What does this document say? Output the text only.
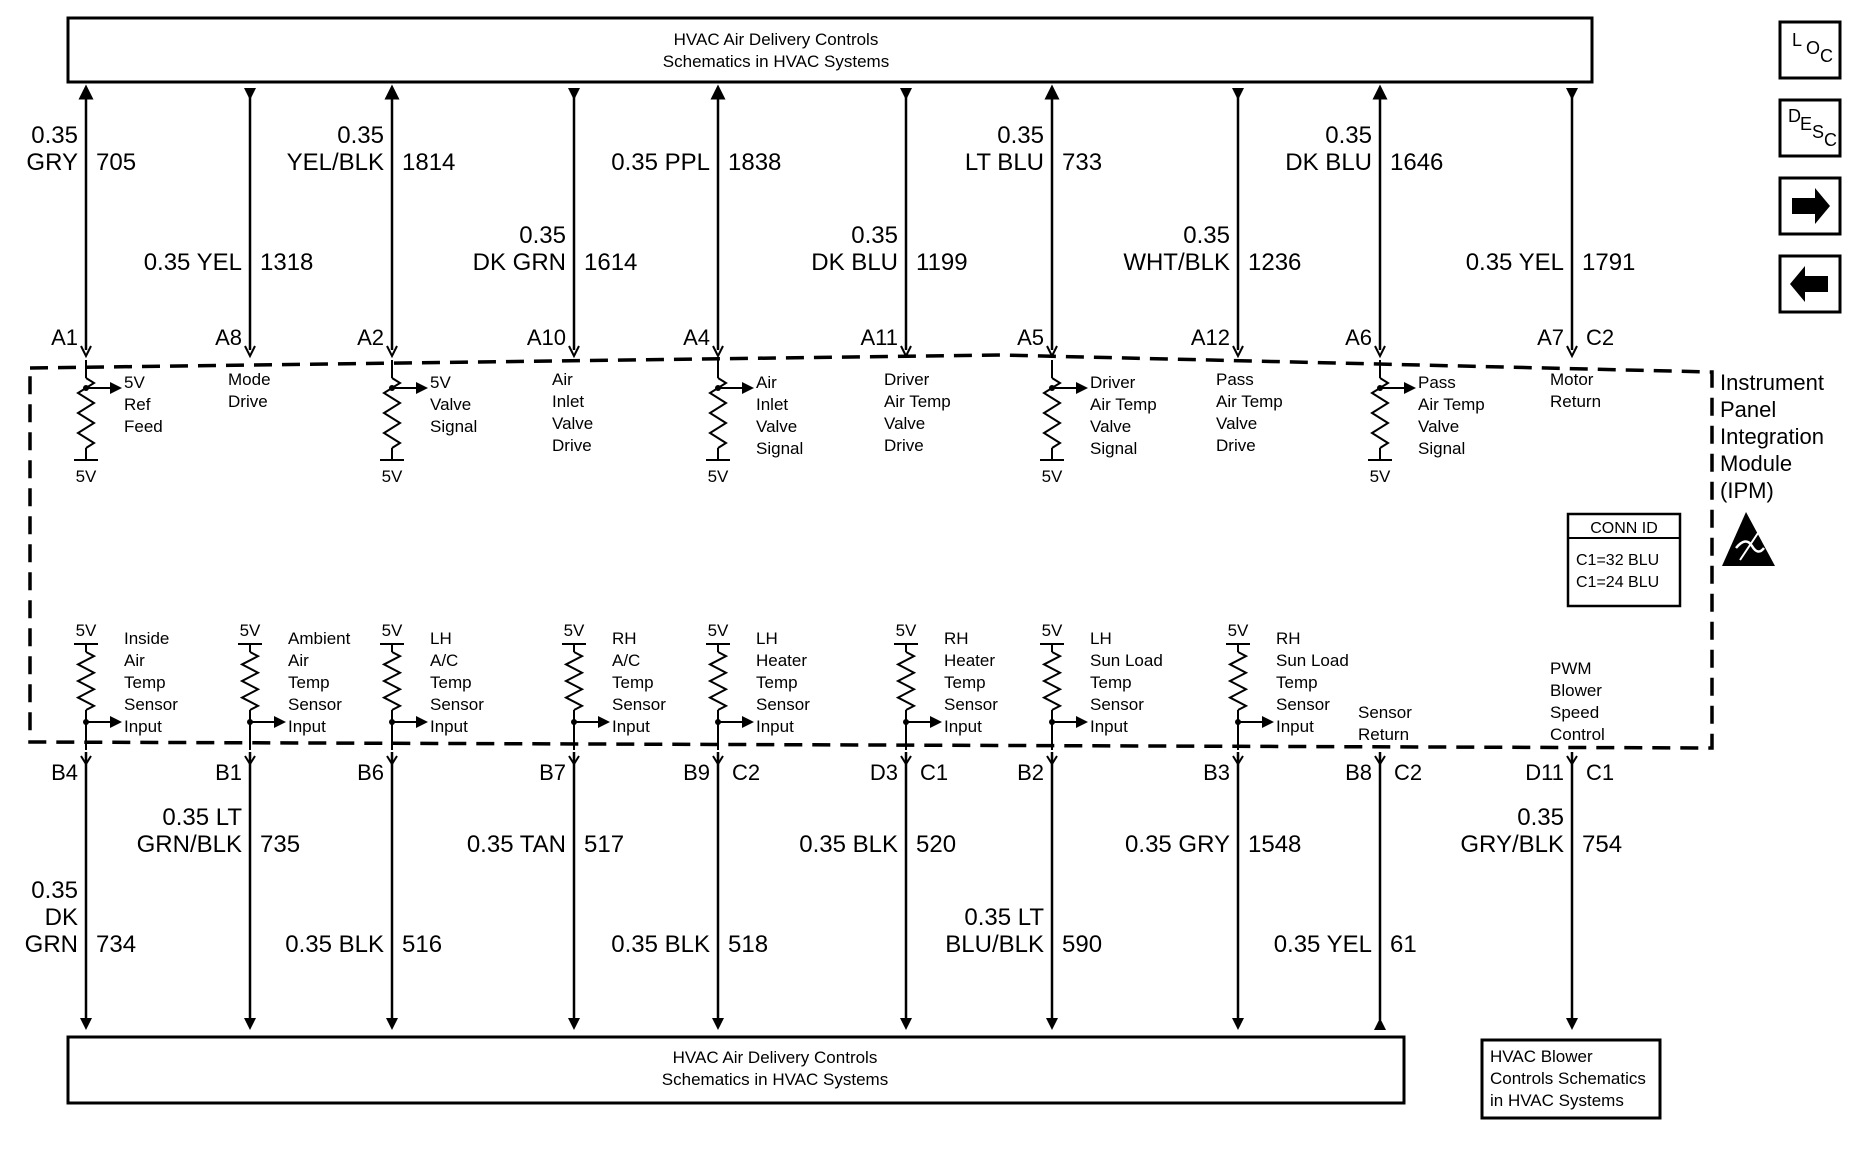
HVAC Air Delivery Controls
Schematics in HVAC Systems
HVAC Air Delivery Controls
Schematics in HVAC Systems
HVAC Blower
Controls Schematics
in HVAC Systems
Instrument
Panel
Integration
Module
(IPM)
CONN ID
C1=32 BLU
C1=24 BLU
0.35
GRY 705
A1
5V
5V
Ref
Feed
0.35 YEL 1318
A8
Mode
Drive
0.35
YEL/BLK 1814
A2
5V
5V
Valve
Signal
0.35
DK GRN 1614
A10
Air
Inlet
Valve
Drive
0.35 PPL 1838
A4
5V
Air
Inlet
Valve
Signal
0.35
DK BLU 1199
A11
Driver
Air Temp
Valve
Drive
0.35
LT BLU 733
A5
5V
Driver
Air Temp
Valve
Signal
0.35
WHT/BLK 1236
A12
Pass
Air Temp
Valve
Drive
0.35
DK BLU 1646
A6
5V
Pass
Air Temp
Valve
Signal
0.35 YEL 1791
A7 C2
Motor
Return
B4
0.35
DK
GRN 734
5V Inside
Air
Temp
Sensor
Input
B1
0.35 LT
GRN/BLK 735
5V Ambient
Air
Temp
Sensor
Input
B6
0.35 BLK 516
5V LH
A/C
Temp
Sensor
Input
B7
0.35 TAN 517
5V RH
A/C
Temp
Sensor
Input
B9 C2
0.35 BLK 518
5V LH
Heater
Temp
Sensor
Input
D3 C1
0.35 BLK 520
5V RH
Heater
Temp
Sensor
Input
B2
0.35 LT
BLU/BLK 590
5V LH
Sun Load
Temp
Sensor
Input
B3
0.35 GRY 1548
5V RH
Sun Load
Temp
Sensor
Input
B8 C2
0.35 YEL 61
Sensor
Return
D11 C1
0.35
GRY/BLK 754
PWM
Blower
Speed
Control
L O C
D E S C
